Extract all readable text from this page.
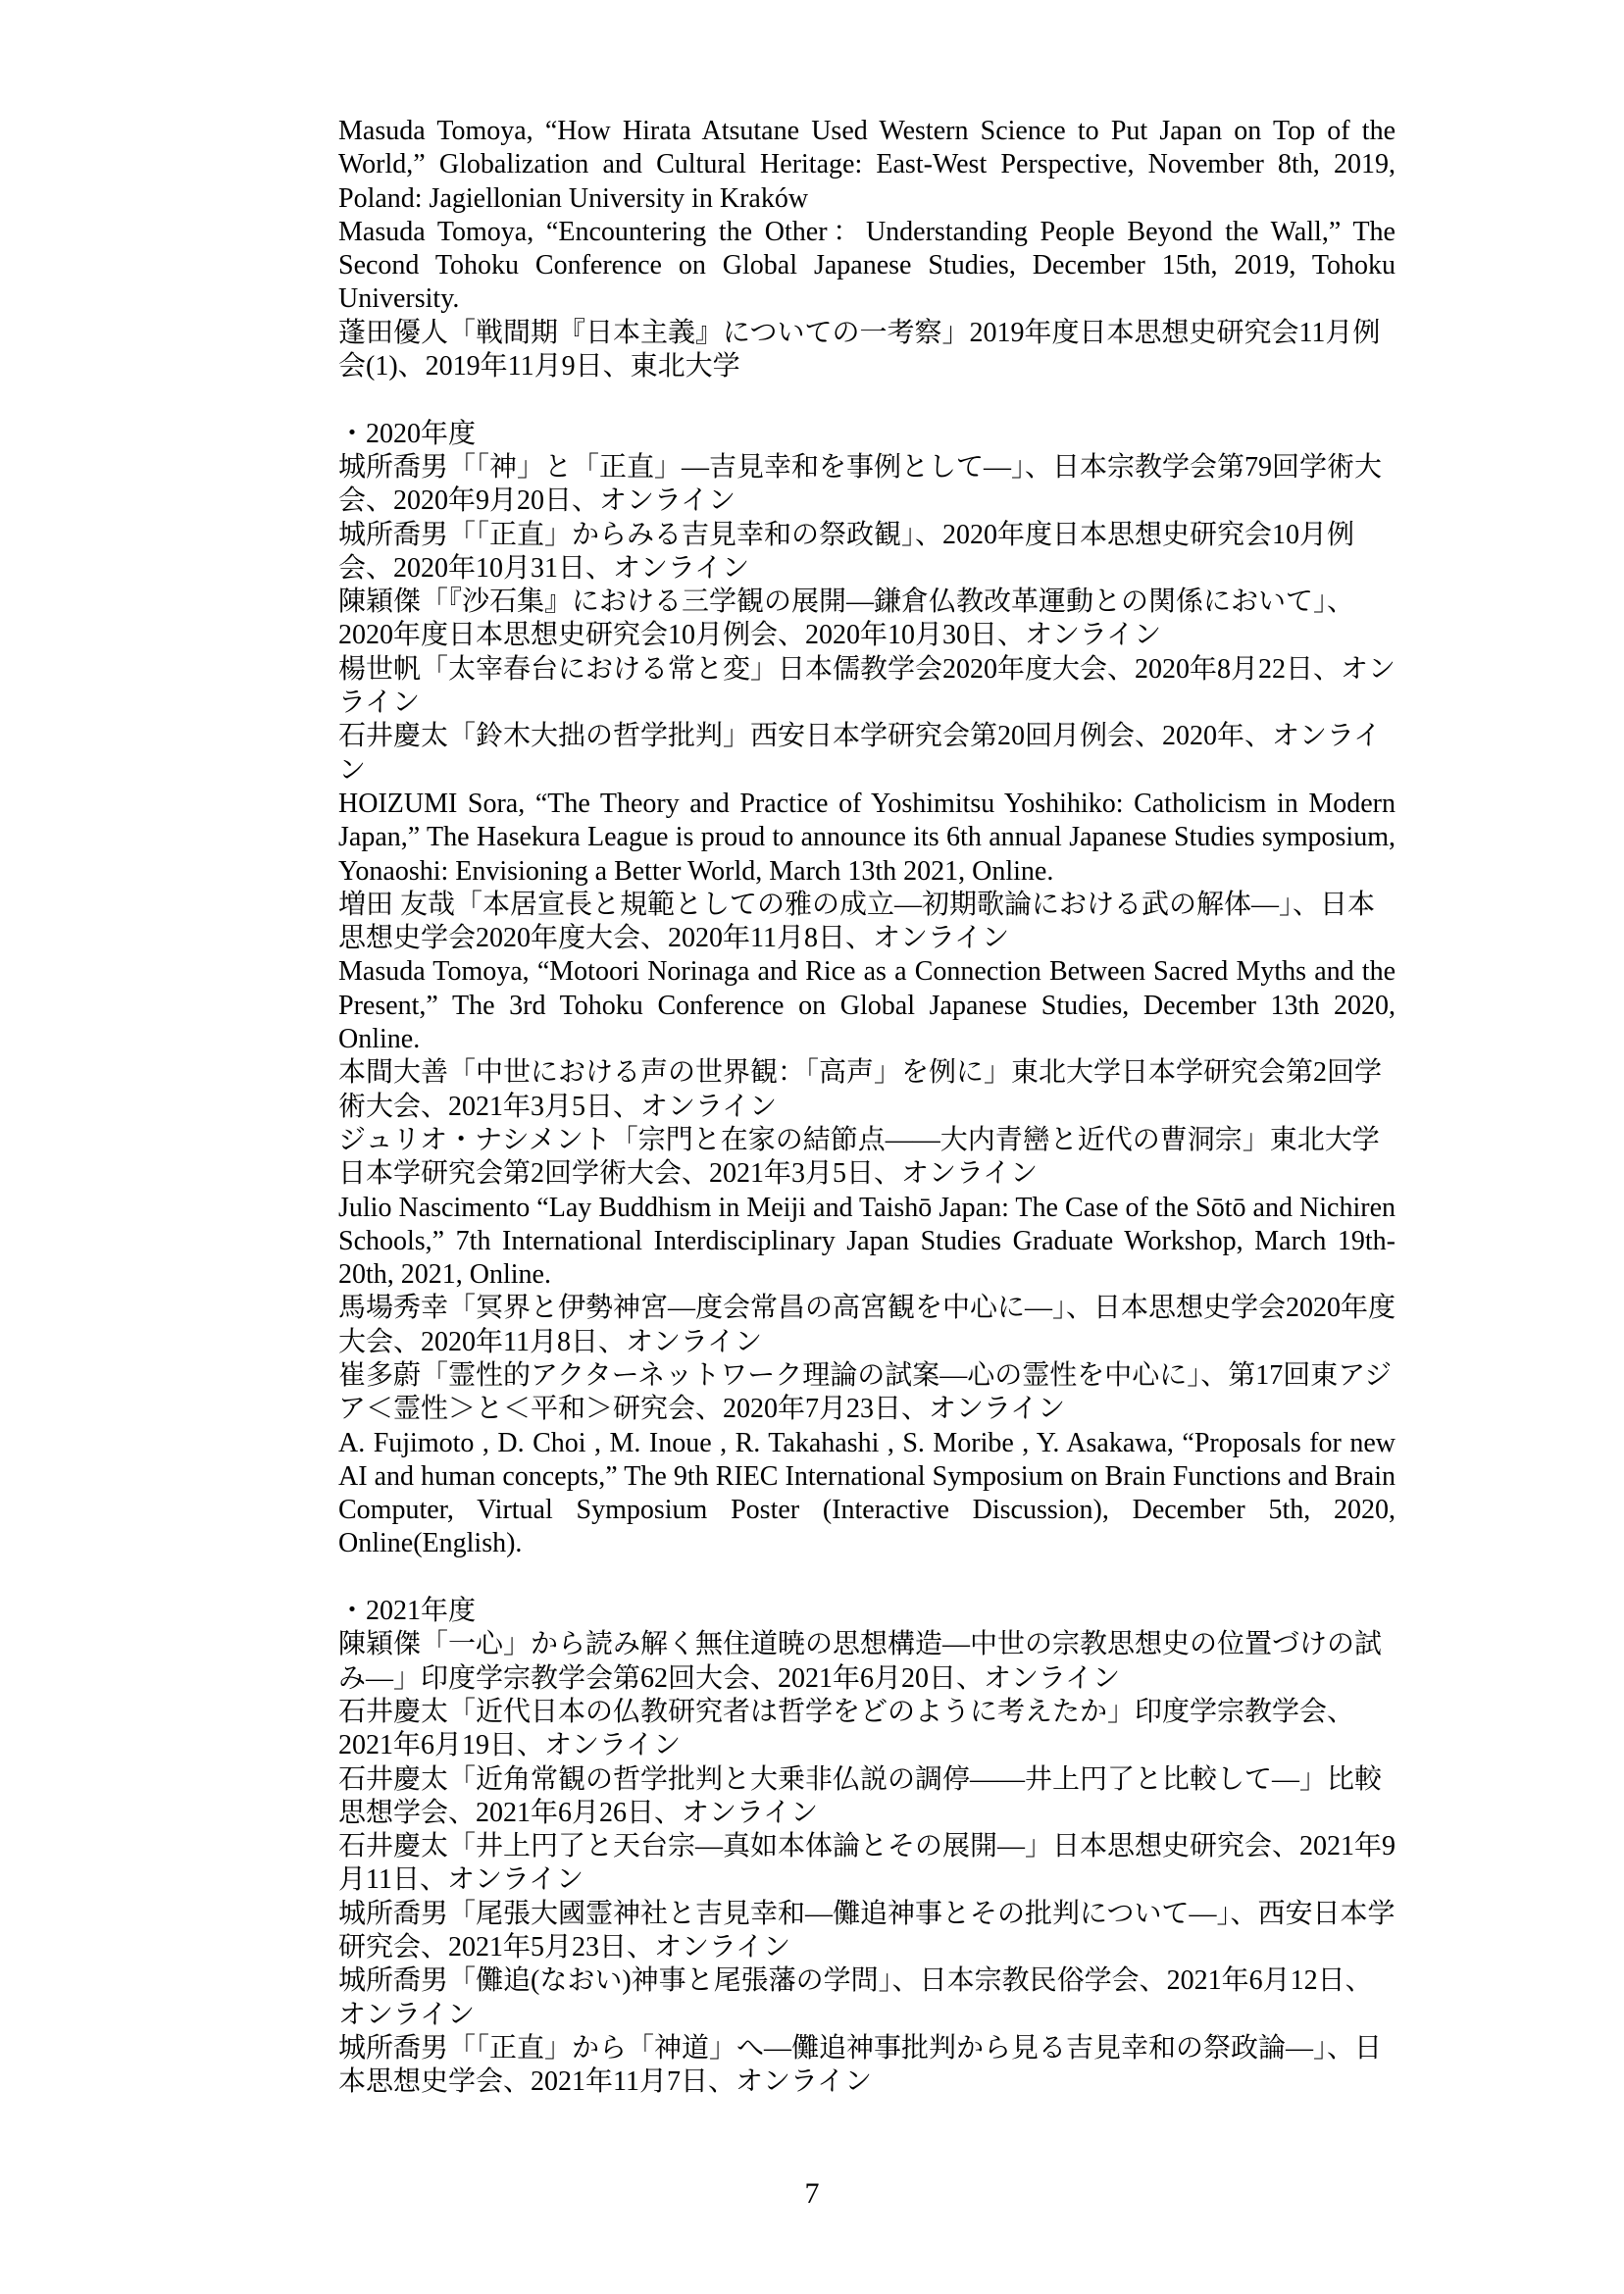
Masuda Tomoya, “How Hirata Atsutane Used Western Science to Put Japan on Top of the World,” Globalization and Cultural Heritage: East-West Perspective, November 8th, 2019, Poland: Jagiellonian University in Kraków

Masuda Tomoya, “Encountering the Other：Understanding People Beyond the Wall,” The Second Tohoku Conference on Global Japanese Studies, December 15th, 2019, Tohoku University.

蓬田優人「戦間期『日本主義』についての一考察」2019年度日本思想史研究会11月例会(1)、2019年11月9日、東北大学

・2020年度

城所喬男「「神」と「正直」―吉見幸和を事例として―」、日本宗教学会第79回学術大会、2020年9月20日、オンライン

城所喬男「「正直」からみる吉見幸和の祭政観」、2020年度日本思想史研究会10月例会、2020年10月31日、オンライン

陳穎傑「『沙石集』における三学観の展開―鎌倉仏教改革運動との関係において」、2020年度日本思想史研究会10月例会、2020年10月30日、オンライン

楊世帆「太宰春台における常と変」日本儒教学会2020年度大会、2020年8月22日、オンライン

石井慶太「鈴木大拙の哲学批判」西安日本学研究会第20回月例会、2020年、オンライン

HOIZUMI Sora, “The Theory and Practice of Yoshimitsu Yoshihiko: Catholicism in Modern Japan,” The Hasekura League is proud to announce its 6th annual Japanese Studies symposium, Yonaoshi: Envisioning a Better World, March 13th 2021, Online.

増田 友哉「本居宣長と規範としての雅の成立―初期歌論における武の解体―」、日本思想史学会2020年度大会、2020年11月8日、オンライン

Masuda Tomoya, “Motoori Norinaga and Rice as a Connection Between Sacred Myths and the Present,” The 3rd Tohoku Conference on Global Japanese Studies, December 13th 2020, Online.

本間大善「中世における声の世界観：「高声」を例に」東北大学日本学研究会第2回学術大会、2021年3月5日、オンライン

ジュリオ・ナシメント「宗門と在家の結節点――大内青巒と近代の曹洞宗」東北大学日本学研究会第2回学術大会、2021年3月5日、オンライン

Julio Nascimento “Lay Buddhism in Meiji and Taishō Japan: The Case of the Sōtō and Nichiren Schools,” 7th International Interdisciplinary Japan Studies Graduate Workshop, March 19th-20th, 2021, Online.

馬場秀幸「冥界と伊勢神宮―度会常昌の高宮観を中心に―」、日本思想史学会2020年度大会、2020年11月8日、オンライン

崔多蔚「霊性的アクターネットワーク理論の試案―心の霊性を中心に」、第17回東アジア＜霊性＞と＜平和＞研究会、2020年7月23日、オンライン

A. Fujimoto , D. Choi , M. Inoue , R. Takahashi , S. Moribe , Y. Asakawa, “Proposals for new AI and human concepts,” The 9th RIEC International Symposium on Brain Functions and Brain Computer, Virtual Symposium Poster (Interactive Discussion), December 5th, 2020, Online(English).

・2021年度

陳穎傑「一心」から読み解く無住道暁の思想構造―中世の宗教思想史の位置づけの試み―」印度学宗教学会第62回大会、2021年6月20日、オンライン

石井慶太「近代日本の仏教研究者は哲学をどのように考えたか」印度学宗教学会、2021年6月19日、オンライン

石井慶太「近角常観の哲学批判と大乗非仏説の調停――井上円了と比較して―」比較思想学会、2021年6月26日、オンライン

石井慶太「井上円了と天台宗―真如本体論とその展開―」日本思想史研究会、2021年9月11日、オンライン

城所喬男「尾張大國霊神社と吉見幸和―儺追神事とその批判について―」、西安日本学研究会、2021年5月23日、オンライン

城所喬男「儺追(なおい)神事と尾張藩の学問」、日本宗教民俗学会、2021年6月12日、オンライン

城所喬男「「正直」から「神道」へ―儺追神事批判から見る吉見幸和の祭政論―」、日本思想史学会、2021年11月7日、オンライン

7
